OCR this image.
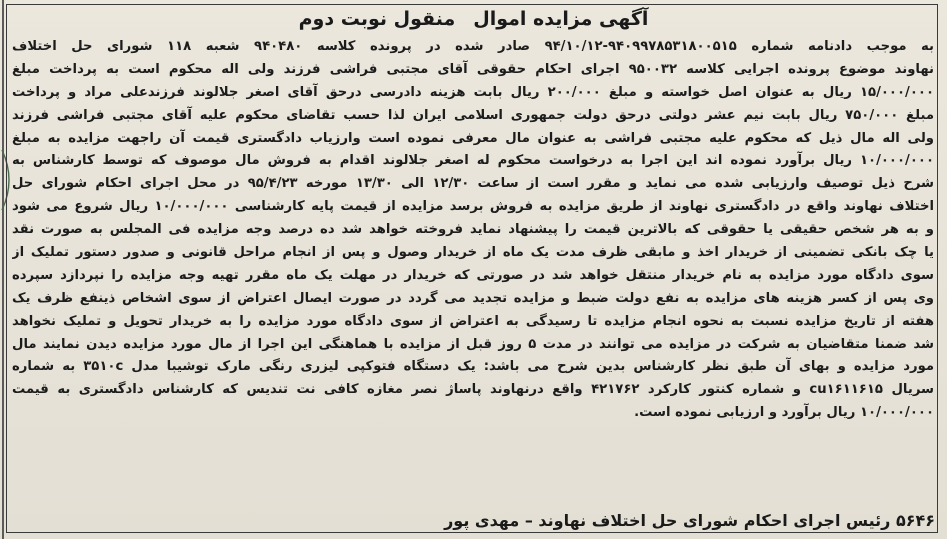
آگهی مزایده اموالمنقول نوبت دوم
به موجب دادنامه شماره ۹۴۰۹۹۷۸۵۳۱۸۰۰۵۱۵-۹۴/۱۰/۱۲ صادر شده در پرونده کلاسه ۹۴۰۴۸۰ شعبه ۱۱۸ شورای حل اختلاف
نهاوند موضوع پرونده اجرایی کلاسه ۹۵۰۰۳۲ اجرای احکام حقوقی آقای مجتبی فراشی فرزند ولی اله محکوم است به پرداخت مبلغ
۱۵/۰۰۰/۰۰۰ ریال به عنوان اصل خواسته و مبلغ ۲۰۰/۰۰۰ ریال بابت هزینه دادرسی درحق آقای اصغر جلالوند فرزندعلی مراد و پرداخت
مبلغ ۷۵۰/۰۰۰ ریال بابت نیم عشر دولتی درحق دولت جمهوری اسلامی ایران لذا حسب تقاضای محکوم علیه آقای مجتبی فراشی فرزند
ولی اله مال ذیل که محکوم علیه مجتبی فراشی به عنوان مال معرفی نموده است وارزیاب دادگستری قیمت آن راجهت مزایده به مبلغ
۱۰/۰۰۰/۰۰۰ ریال برآورد نموده اند این اجرا به درخواست محکوم له اصغر جلالوند اقدام به فروش مال موصوف که توسط کارشناس به
شرح ذیل توصیف وارزیابی شده می نماید و مقرر است از ساعت ۱۲/۳۰ الی ۱۳/۳۰ مورخه ۹۵/۴/۲۳ در محل اجرای احکام شورای حل
اختلاف نهاوند واقع در دادگستری نهاوند از طریق مزایده به فروش برسد مزایده از قیمت پایه کارشناسی ۱۰/۰۰۰/۰۰۰ ریال شروع می شود
و به هر شخص حقیقی یا حقوقی که بالاترین قیمت را پیشنهاد نماید فروخته خواهد شد ده درصد وجه مزایده فی المجلس به صورت نقد
یا چک بانکی تضمینی از خریدار اخذ و مابقی ظرف مدت یک ماه از خریدار وصول و پس از انجام مراحل قانونی و صدور دستور تملیک از
سوی دادگاه مورد مزایده به نام خریدار منتقل خواهد شد در صورتی که خریدار در مهلت یک ماه مقرر تهیه وجه مزایده را نپردازد سپرده
وی پس از کسر هزینه های مزایده به نفع دولت ضبط و مزایده تجدید می گردد در صورت ایصال اعتراض از سوی اشخاص ذینفع ظرف یک
هفته از تاریخ مزایده نسبت به نحوه انجام مزایده تا رسیدگی به اعتراض از سوی دادگاه مورد مزایده را به خریدار تحویل و تملیک نخواهد
شد ضمنا متقاضیان به شرکت در مزایده می توانند در مدت ۵ روز قبل از مزایده با هماهنگی این اجرا از مال مورد مزایده دیدن نمایند مال
مورد مزایده و بهای آن طبق نظر کارشناس بدین شرح می باشد: یک دستگاه فتوکپی لیزری رنگی مارک توشیبا مدل ۳۵۱۰c به شماره
سریال cu۱۶۱۱۶۱۵ و شماره کنتور کارکرد ۴۲۱۷۶۲ واقع درنهاوند پاساژ نصر مغازه کافی نت تندیس که کارشناس دادگستری به قیمت
۱۰/۰۰۰/۰۰۰ ریال برآورد و ارزیابی نموده است.
۵۶۴۶ رئیس اجرای احکام شورای حل اختلاف نهاوند – مهدی پور
